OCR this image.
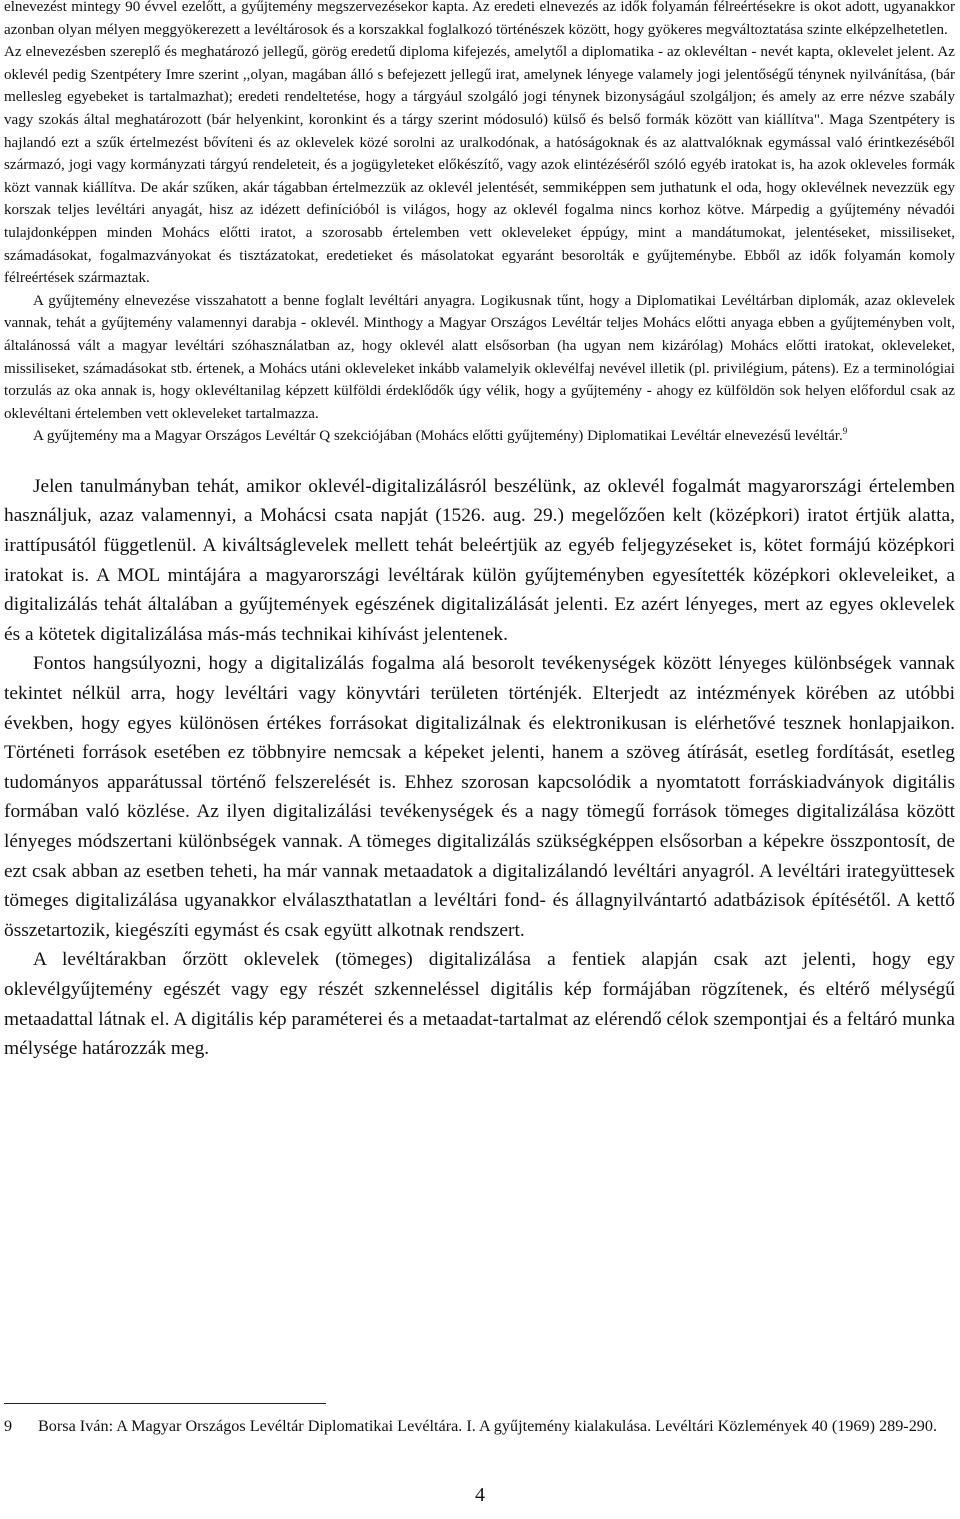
elnevezést mintegy 90 évvel ezelőtt, a gyűjtemény megszervezésekor kapta. Az eredeti elnevezés az idők folyamán félreértésekre is okot adott, ugyanakkor azonban olyan mélyen meggyökerezett a levéltárosok és a korszakkal foglalkozó történészek között, hogy gyökeres megváltoztatása szinte elképzelhetetlen.

Az elnevezésben szereplő és meghatározó jellegű, görög eredetű diploma kifejezés, amelytől a diplomatika - az oklevéltan - nevét kapta, oklevelet jelent. Az oklevél pedig Szentpétery Imre szerint ,,olyan, magában álló s befejezett jellegű irat, amelynek lényege valamely jogi jelentőségű ténynek nyilvánítása, (bár mellesleg egyebeket is tartalmazhat); eredeti rendeltetése, hogy a tárgyául szolgáló jogi ténynek bizonyságául szolgáljon; és amely az erre nézve szabály vagy szokás által meghatározott (bár helyenkint, koronkint és a tárgy szerint módosuló) külső és belső formák között van kiállítva". Maga Szentpétery is hajlandó ezt a szűk értelmezést bővíteni és az oklevelek közé sorolni az uralkodónak, a hatóságoknak és az alattvalóknak egymással való érintkezéséből származó, jogi vagy kormányzati tárgyú rendeleteit, és a jogügyleteket előkészítő, vagy azok elintézéséről szóló egyéb iratokat is, ha azok okleveles formák közt vannak kiállítva. De akár szűken, akár tágabban értelmezzük az oklevél jelentését, semmiképpen sem juthatunk el oda, hogy oklevélnek nevezzük egy korszak teljes levéltári anyagát, hisz az idézett definícióból is világos, hogy az oklevél fogalma nincs korhoz kötve. Márpedig a gyűjtemény névadói tulajdonképpen minden Mohács előtti iratot, a szorosabb értelemben vett okleveleket éppúgy, mint a mandátumokat, jelentéseket, missiliseket, számadásokat, fogalmazványokat és tisztázatokat, eredetieket és másolatokat egyaránt besorolták e gyűjteménybe. Ebből az idők folyamán komoly félreértések származtak.

A gyűjtemény elnevezése visszahatott a benne foglalt levéltári anyagra. Logikusnak tűnt, hogy a Diplomatikai Levéltárban diplomák, azaz oklevelek vannak, tehát a gyűjtemény valamennyi darabja - oklevél. Minthogy a Magyar Országos Levéltár teljes Mohács előtti anyaga ebben a gyűjteményben volt, általánossá vált a magyar levéltári szóhasználatban az, hogy oklevél alatt elsősorban (ha ugyan nem kizárólag) Mohács előtti iratokat, okleveleket, missiliseket, számadásokat stb. értenek, a Mohács utáni okleveleket inkább valamelyik oklevélfaj nevével illetik (pl. privilégium, pátens). Ez a terminológiai torzulás az oka annak is, hogy oklevéltanilag képzett külföldi érdeklődők úgy vélik, hogy a gyűjtemény - ahogy ez külföldön sok helyen előfordul csak az oklevéltani értelemben vett okleveleket tartalmazza.

A gyűjtemény ma a Magyar Országos Levéltár Q szekciójában (Mohács előtti gyűjtemény) Diplomatikai Levéltár elnevezésű levéltár.$^9$

Jelen tanulmányban tehát, amikor oklevél-digitalizálásról beszélünk, az oklevél fogalmát magyarországi értelemben használjuk, azaz valamennyi, a Mohácsi csata napját (1526. aug. 29.) megelőzően kelt (középkori) iratot értjük alatta, irattípusától függetlenül. A kiváltságlevelek mellett tehát beleértjük az egyéb feljegyzéseket is, kötet formájú középkori iratokat is. A MOL mintájára a magyarországi levéltárak külön gyűjteményben egyesítették középkori okleveleiket, a digitalizálás tehát általában a gyűjtemények egészének digitalizálását jelenti. Ez azért lényeges, mert az egyes oklevelek és a kötetek digitalizálása más-más technikai kihívást jelentenek.

Fontos hangsúlyozni, hogy a digitalizálás fogalma alá besorolt tevékenységek között lényeges különbségek vannak tekintet nélkül arra, hogy levéltári vagy könyvtári területen történjék. Elterjedt az intézmények körében az utóbbi években, hogy egyes különösen értékes forrásokat digitalizálnak és elektronikusan is elérhetővé tesznek honlapjaikon. Történeti források esetében ez többnyire nemcsak a képeket jelenti, hanem a szöveg átírását, esetleg fordítását, esetleg tudományos apparátussal történő felszerelését is. Ehhez szorosan kapcsolódik a nyomtatott forráskiadványok digitális formában való közlése. Az ilyen digitalizálási tevékenységek és a nagy tömegű források tömeges digitalizálása között lényeges módszertani különbségek vannak. A tömeges digitalizálás szükségképpen elsősorban a képekre összpontosít, de ezt csak abban az esetben teheti, ha már vannak metaadatok a digitalizálandó levéltári anyagról. A levéltári irategyüttesek tömeges digitalizálása ugyanakkor elválaszthatatlan a levéltári fond- és állagnyilvántartó adatbázisok építésétől. A kettő összetartozik, kiegészíti egymást és csak együtt alkotnak rendszert.

A levéltárakban őrzött oklevelek (tömeges) digitalizálása a fentiek alapján csak azt jelenti, hogy egy oklevélgyűjtemény egészét vagy egy részét szkenneléssel digitális kép formájában rögzítenek, és eltérő mélységű metaadattal látnak el. A digitális kép paraméterei és a metaadat-tartalmat az elérendő célok szempontjai és a feltáró munka mélysége határozzák meg.

9 Borsa Iván: A Magyar Országos Levéltár Diplomatikai Levéltára. I. A gyűjtemény kialakulása. Levéltári Közlemények 40 (1969) 289-290.
4
